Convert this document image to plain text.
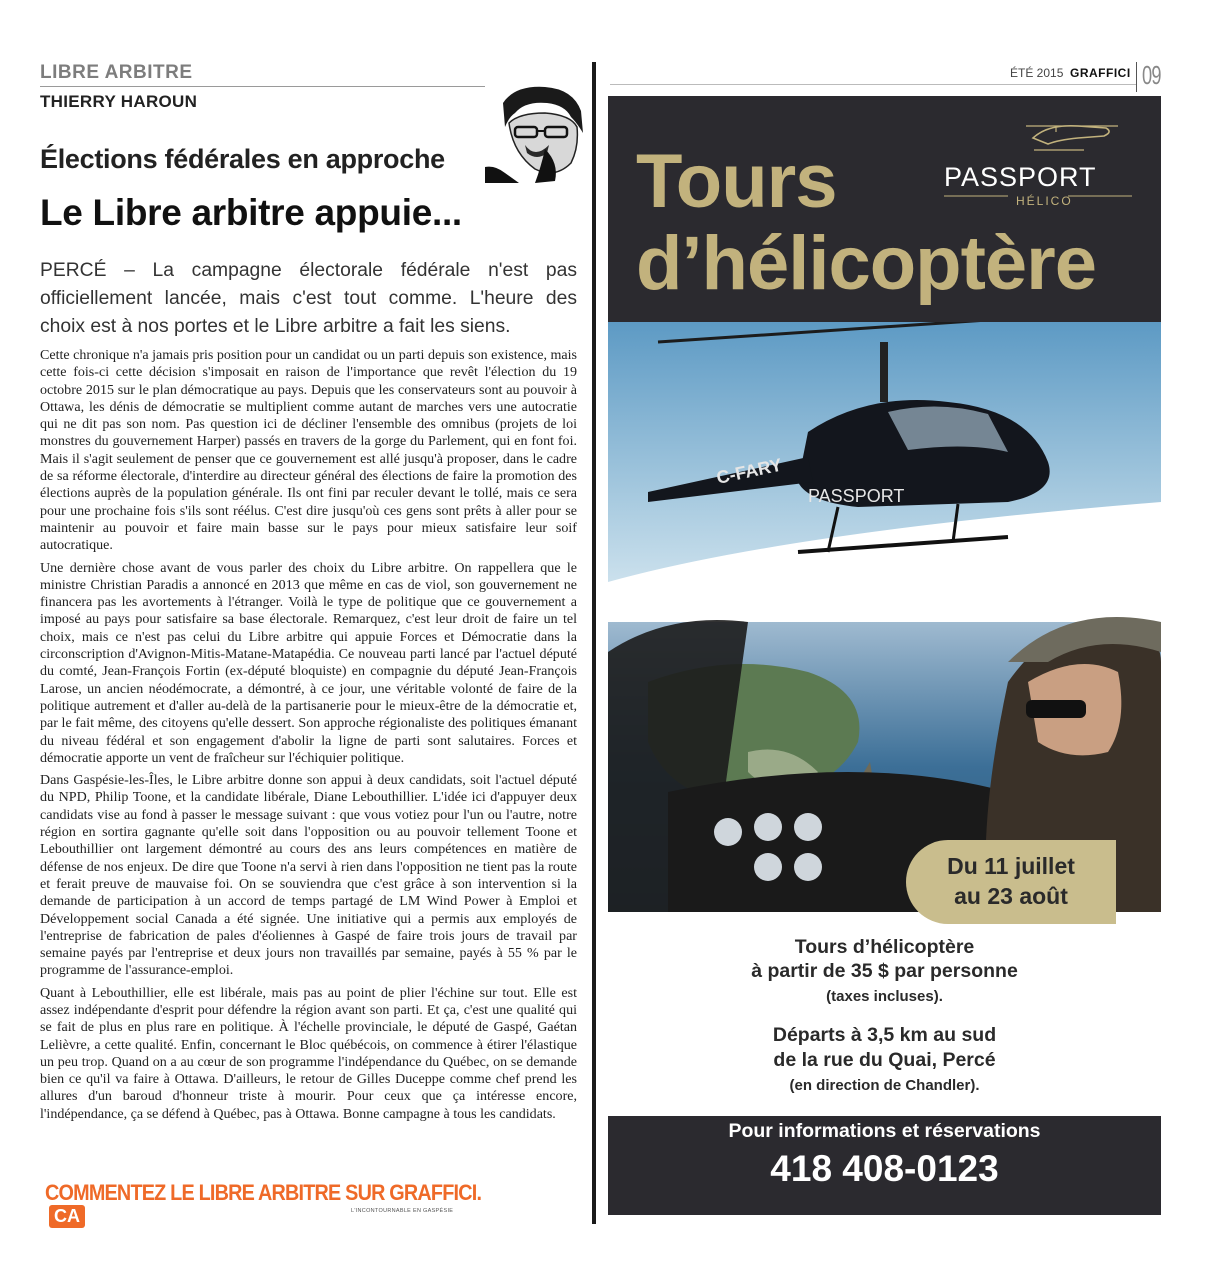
LIBRE ARBITRE
THIERRY HAROUN
Élections fédérales en approche
Le Libre arbitre appuie...
PERCÉ – La campagne électorale fédérale n'est pas officiellement lancée, mais c'est tout comme. L'heure des choix est à nos portes et le Libre arbitre a fait les siens.

Cette chronique n'a jamais pris position pour un candidat ou un parti depuis son existence, mais cette fois-ci cette décision s'imposait en raison de l'importance que revêt l'élection du 19 octobre 2015 sur le plan démocratique au pays. Depuis que les conservateurs sont au pouvoir à Ottawa, les dénis de démocratie se multiplient comme autant de marches vers une autocratie qui ne dit pas son nom. Pas question ici de décliner l'ensemble des omnibus (projets de loi monstres du gouvernement Harper) passés en travers de la gorge du Parlement, qui en font foi. Mais il s'agit seulement de penser que ce gouvernement est allé jusqu'à proposer, dans le cadre de sa réforme électorale, d'interdire au directeur général des élections de faire la promotion des élections auprès de la population générale. Ils ont fini par reculer devant le tollé, mais ce sera pour une prochaine fois s'ils sont réélus. C'est dire jusqu'où ces gens sont prêts à aller pour se maintenir au pouvoir et faire main basse sur le pays pour mieux satisfaire leur soif autocratique.

Une dernière chose avant de vous parler des choix du Libre arbitre. On rappellera que le ministre Christian Paradis a annoncé en 2013 que même en cas de viol, son gouvernement ne financera pas les avortements à l'étranger. Voilà le type de politique que ce gouvernement a imposé au pays pour satisfaire sa base électorale. Remarquez, c'est leur droit de faire un tel choix, mais ce n'est pas celui du Libre arbitre qui appuie Forces et Démocratie dans la circonscription d'Avignon-Mitis-Matane-Matapédia. Ce nouveau parti lancé par l'actuel député du comté, Jean-François Fortin (ex-député bloquiste) en compagnie du député Jean-François Larose, un ancien néodémocrate, a démontré, à ce jour, une véritable volonté de faire de la politique autrement et d'aller au-delà de la partisanerie pour le mieux-être de la démocratie et, par le fait même, des citoyens qu'elle dessert. Son approche régionaliste des politiques émanant du niveau fédéral et son engagement d'abolir la ligne de parti sont salutaires. Forces et démocratie apporte un vent de fraîcheur sur l'échiquier politique.

Dans Gaspésie-les-Îles, le Libre arbitre donne son appui à deux candidats, soit l'actuel député du NPD, Philip Toone, et la candidate libérale, Diane Lebouthillier. L'idée ici d'appuyer deux candidats vise au fond à passer le message suivant : que vous votiez pour l'un ou l'autre, notre région en sortira gagnante qu'elle soit dans l'opposition ou au pouvoir tellement Toone et Lebouthillier ont largement démontré au cours des ans leurs compétences en matière de défense de nos enjeux. De dire que Toone n'a servi à rien dans l'opposition ne tient pas la route et ferait preuve de mauvaise foi. On se souviendra que c'est grâce à son intervention si la demande de participation à un accord de temps partagé de LM Wind Power à Emploi et Développement social Canada a été signée. Une initiative qui a permis aux employés de l'entreprise de fabrication de pales d'éoliennes à Gaspé de faire trois jours de travail par semaine payés par l'entreprise et deux jours non travaillés par semaine, payés à 55 % par le programme de l'assurance-emploi.

Quant à Lebouthillier, elle est libérale, mais pas au point de plier l'échine sur tout. Elle est assez indépendante d'esprit pour défendre la région avant son parti. Et ça, c'est une qualité qui se fait de plus en plus rare en politique. À l'échelle provinciale, le député de Gaspé, Gaétan Lelièvre, a cette qualité. Enfin, concernant le Bloc québécois, on commence à étirer l'élastique un peu trop. Quand on a au cœur de son programme l'indépendance du Québec, on se demande bien ce qu'il va faire à Ottawa. D'ailleurs, le retour de Gilles Duceppe comme chef prend les allures d'un baroud d'honneur triste à mourir. Pour ceux que ça intéresse encore, l'indépendance, ça se défend à Québec, pas à Ottawa. Bonne campagne à tous les candidats.

COMMENTEZ LE LIBRE ARBITRE SUR GRAFFICI.CA	L'INCONTOURNABLE EN GASPÉSIE
ÉTÉ 2015 GRAFFICI 09
Tours
d’hélicoptère
PASSPORT
HÉLICO
C-FARY
PASSPORT
Tours d’hélicoptère
à partir de 35 $ par personne
(taxes incluses).
Départs à 3,5 km au sud
de la rue du Quai, Percé
(en direction de Chandler).
Du 11 juillet
au 23 août
Pour informations et réservations
418 408-0123
